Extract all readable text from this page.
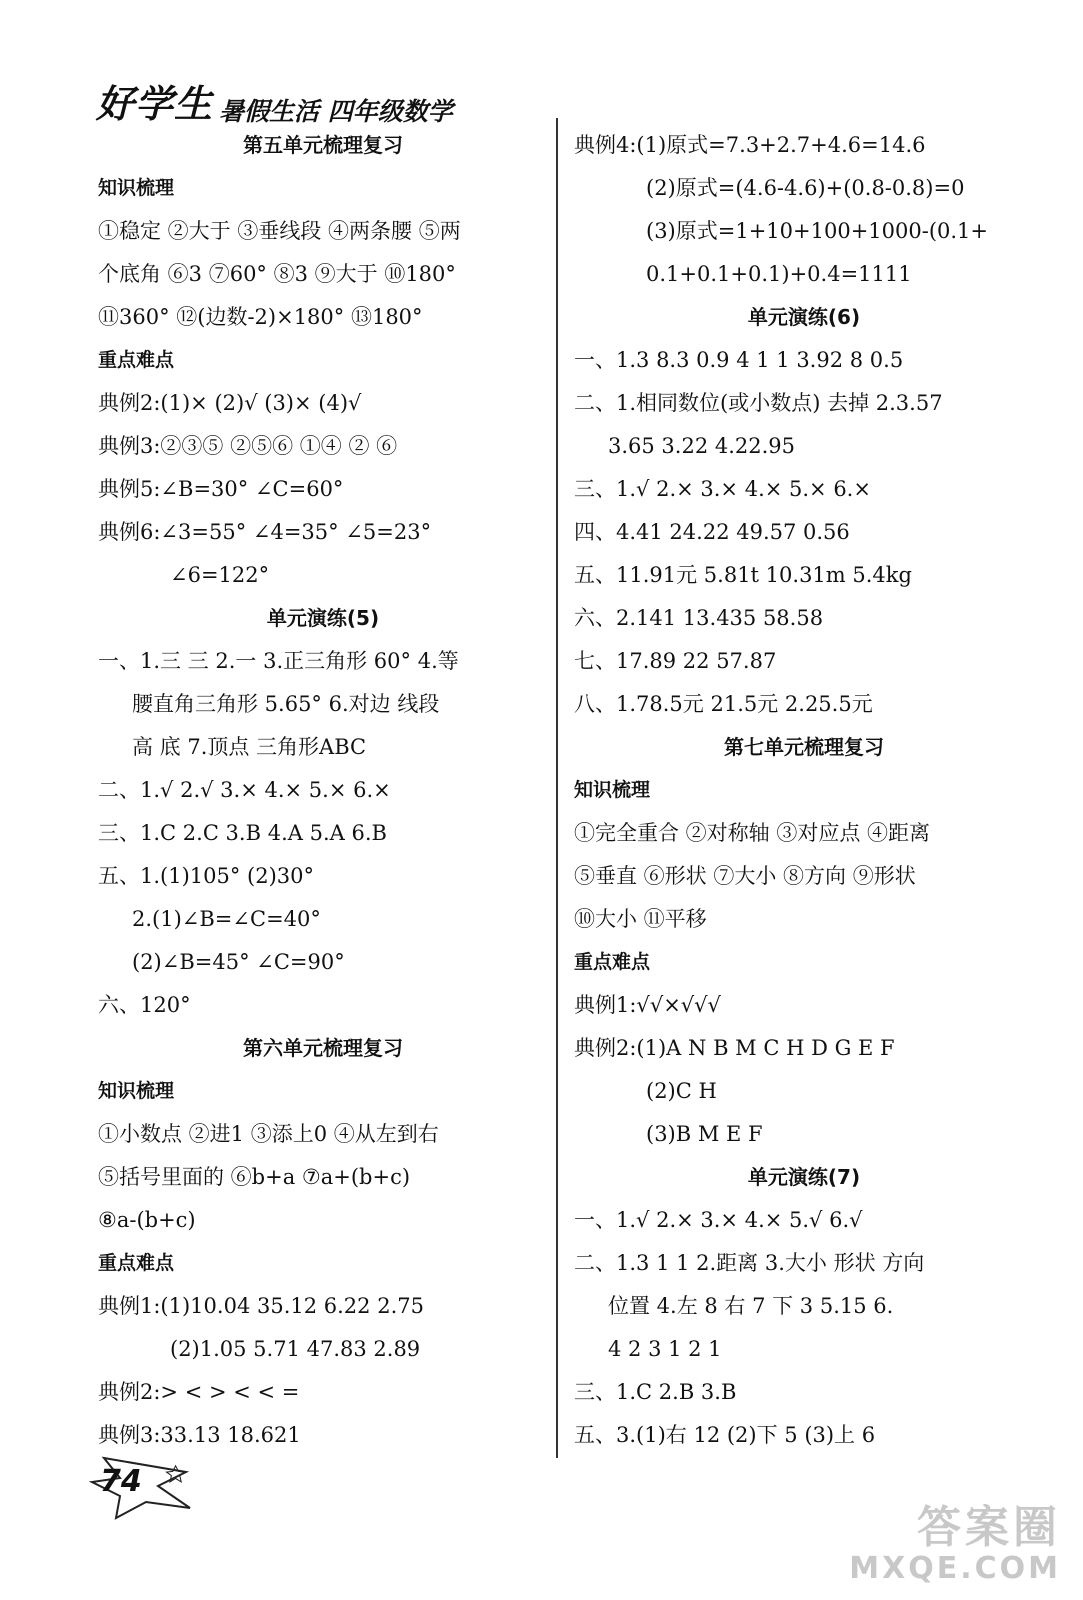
好学生 暑假生活 四年级数学
第五单元梳理复习
知识梳理
①稳定 ②大于 ③垂线段 ④两条腰 ⑤两
个底角 ⑥3 ⑦60° ⑧3 ⑨大于 ⑩180°
⑪360° ⑫(边数-2)×180° ⑬180°
重点难点
典例2:(1)× (2)√ (3)× (4)√
典例3:②③⑤ ②⑤⑥ ①④ ② ⑥
典例5:∠B=30° ∠C=60°
典例6:∠3=55° ∠4=35° ∠5=23°
∠6=122°
单元演练(5)
一、1.三 三 2.一 3.正三角形 60° 4.等
腰直角三角形 5.65° 6.对边 线段
高 底 7.顶点 三角形ABC
二、1.√ 2.√ 3.× 4.× 5.× 6.×
三、1.C 2.C 3.B 4.A 5.A 6.B
五、1.(1)105° (2)30°
2.(1)∠B=∠C=40°
(2)∠B=45° ∠C=90°
六、120°
第六单元梳理复习
知识梳理
①小数点 ②进1 ③添上0 ④从左到右
⑤括号里面的 ⑥b+a ⑦a+(b+c)
⑧a-(b+c)
重点难点
典例1:(1)10.04 35.12 6.22 2.75
(2)1.05 5.71 47.83 2.89
典例2:> < > < < =
典例3:33.13 18.621
典例4:(1)原式=7.3+2.7+4.6=14.6
(2)原式=(4.6-4.6)+(0.8-0.8)=0
(3)原式=1+10+100+1000-(0.1+
0.1+0.1+0.1)+0.4=1111
单元演练(6)
一、1.3 8.3 0.9 4 1 1 3.92 8 0.5
二、1.相同数位(或小数点) 去掉 2.3.57
3.65 3.22 4.22.95
三、1.√ 2.× 3.× 4.× 5.× 6.×
四、4.41 24.22 49.57 0.56
五、11.91元 5.81t 10.31m 5.4kg
六、2.141 13.435 58.58
七、17.89 22 57.87
八、1.78.5元 21.5元 2.25.5元
第七单元梳理复习
知识梳理
①完全重合 ②对称轴 ③对应点 ④距离
⑤垂直 ⑥形状 ⑦大小 ⑧方向 ⑨形状
⑩大小 ⑪平移
重点难点
典例1:√√×√√√
典例2:(1)A N B M C H D G E F
(2)C H
(3)B M E F
单元演练(7)
一、1.√ 2.× 3.× 4.× 5.√ 6.√
二、1.3 1 1 2.距离 3.大小 形状 方向
位置 4.左 8 右 7 下 3 5.15 6.
4 2 3 1 2 1
三、1.C 2.B 3.B
五、3.(1)右 12 (2)下 5 (3)上 6
74
答案圈
MXQE.COM
